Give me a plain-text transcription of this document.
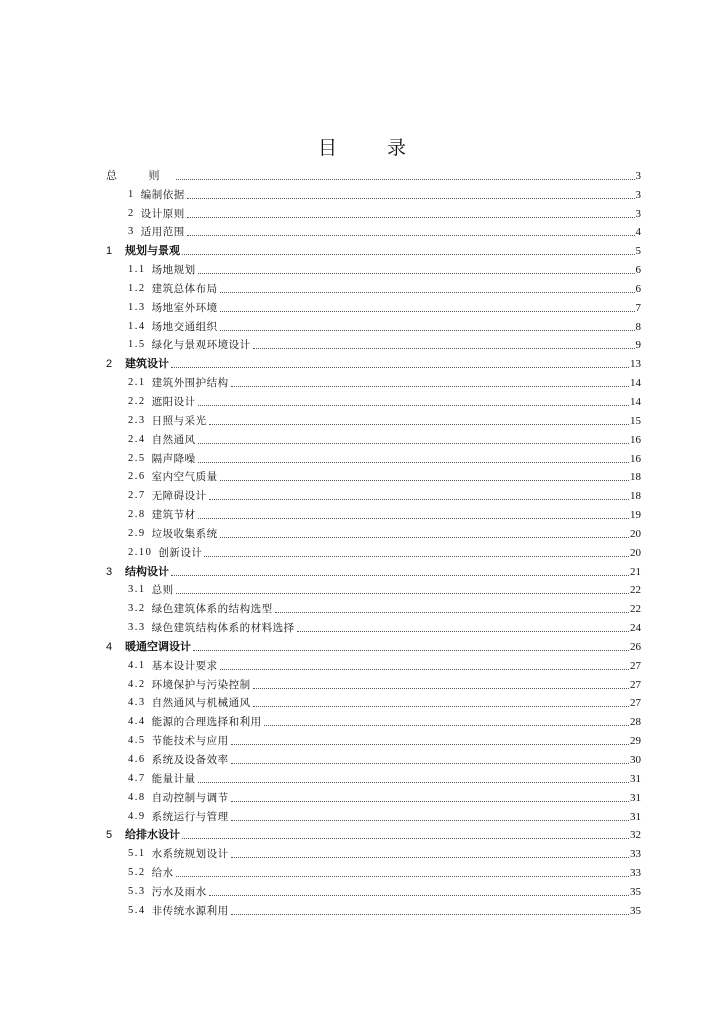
目 录
总 则	3
1 编制依据	3
2 设计原则	3
3 适用范围	4
1	规划与景观	5
1.1 场地规划	6
1.2 建筑总体布局	6
1.3 场地室外环境	7
1.4 场地交通组织	8
1.5 绿化与景观环境设计	9
2	建筑设计	13
2.1 建筑外围护结构	14
2.2 遮阳设计	14
2.3 日照与采光	15
2.4 自然通风	16
2.5 隔声降噪	16
2.6 室内空气质量	18
2.7 无障碍设计	18
2.8 建筑节材	19
2.9 垃圾收集系统	20
2.10 创新设计	20
3	结构设计	21
3.1 总则	22
3.2 绿色建筑体系的结构选型	22
3.3 绿色建筑结构体系的材料选择	24
4	暖通空调设计	26
4.1 基本设计要求	27
4.2 环境保护与污染控制	27
4.3 自然通风与机械通风	27
4.4 能源的合理选择和利用	28
4.5 节能技术与应用	29
4.6 系统及设备效率	30
4.7 能量计量	31
4.8 自动控制与调节	31
4.9 系统运行与管理	31
5	给排水设计	32
5.1 水系统规划设计	33
5.2 给水	33
5.3 污水及雨水	35
5.4 非传统水源利用	35
